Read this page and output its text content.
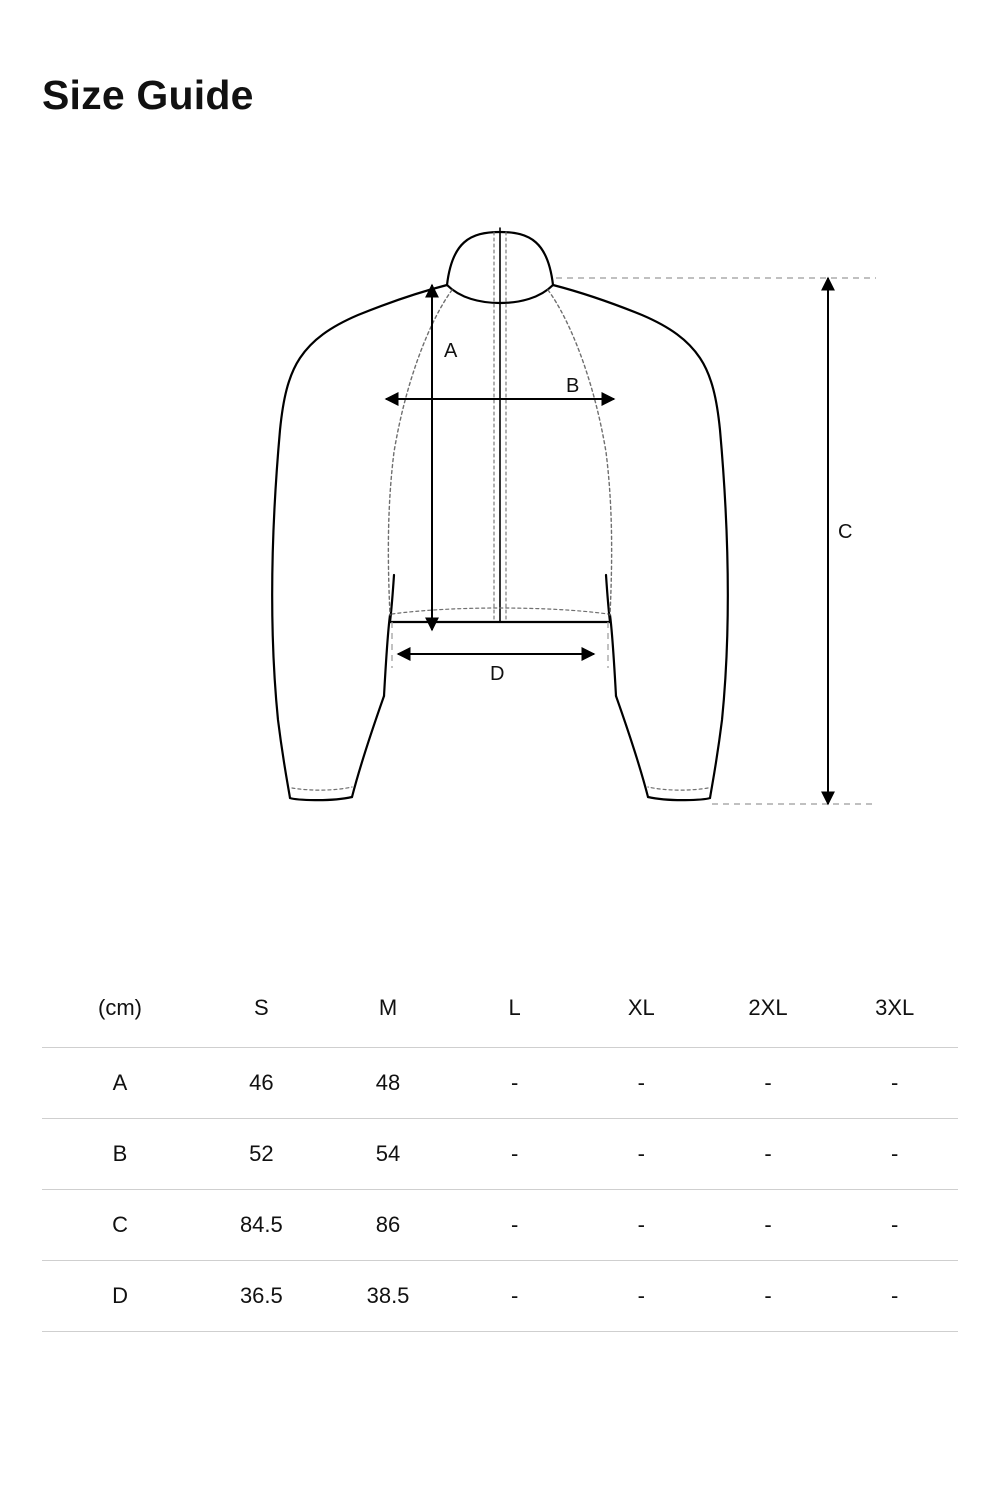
Size Guide
A
B
C
D
(cm)	S	M	L	XL	2XL	3XL
A	46	48	-	-	-	-
B	52	54	-	-	-	-
C	84.5	86	-	-	-	-
D	36.5	38.5	-	-	-	-
